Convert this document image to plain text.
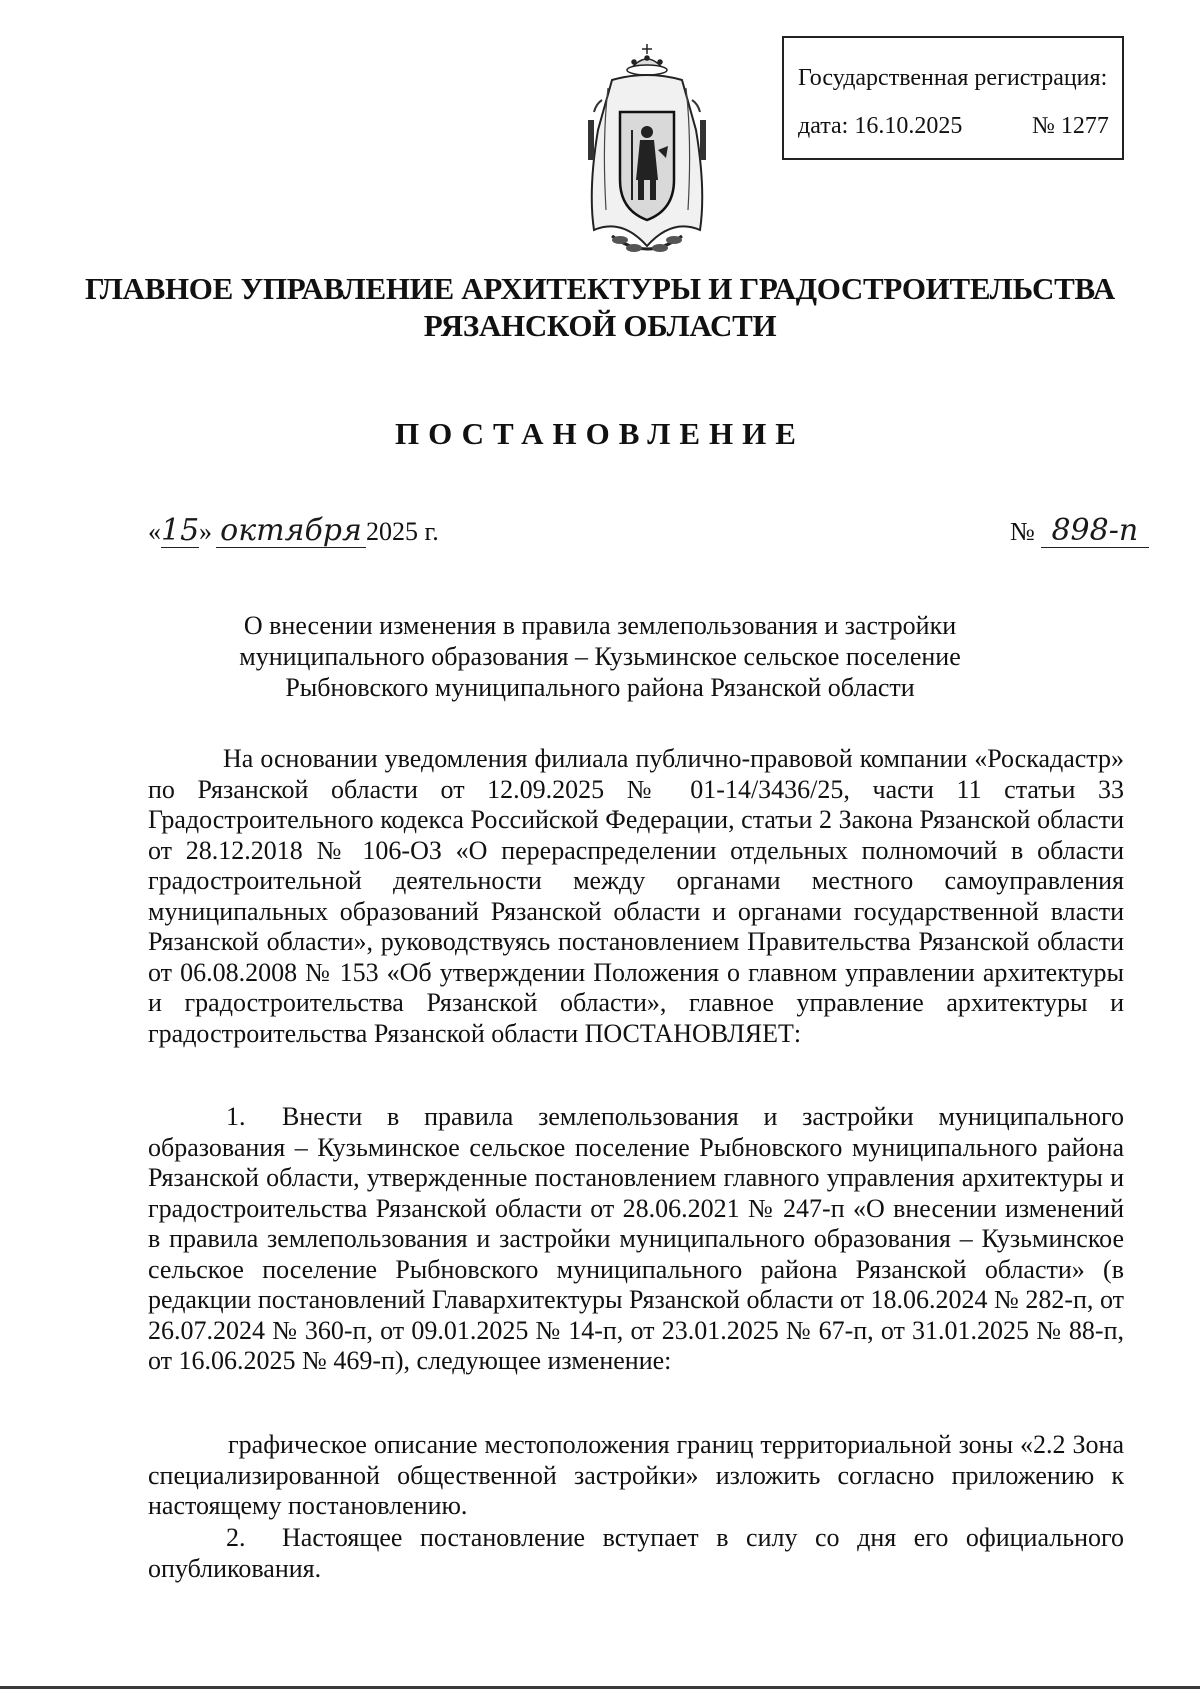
Государственная регистрация:
дата: 16.10.2025	№ 1277
ГЛАВНОЕ УПРАВЛЕНИЕ АРХИТЕКТУРЫ И ГРАДОСТРОИТЕЛЬСТВА
РЯЗАНСКОЙ ОБЛАСТИ
ПОСТАНОВЛЕНИЕ
«15» октября 2025 г.	№ 898-п
О внесении изменения в правила землепользования и застройки
муниципального образования – Кузьминское сельское поселение
Рыбновского муниципального района Рязанской области
На основании уведомления филиала публично-правовой компании «Роскадастр» по Рязанской области от 12.09.2025 № 01-14/3436/25, части 11 статьи 33 Градостроительного кодекса Российской Федерации, статьи 2 Закона Рязанской области от 28.12.2018 № 106-ОЗ «О перераспределении отдельных полномочий в области градостроительной деятельности между органами местного самоуправления муниципальных образований Рязанской области и органами государственной власти Рязанской области», руководствуясь постановлением Правительства Рязанской области от 06.08.2008 № 153 «Об утверждении Положения о главном управлении архитектуры и градостроительства Рязанской области», главное управление архитектуры и градостроительства Рязанской области ПОСТАНОВЛЯЕТ:
1. Внести в правила землепользования и застройки муниципального образования – Кузьминское сельское поселение Рыбновского муниципального района Рязанской области, утвержденные постановлением главного управления архитектуры и градостроительства Рязанской области от 28.06.2021 № 247-п «О внесении изменений в правила землепользования и застройки муниципального образования – Кузьминское сельское поселение Рыбновского муниципального района Рязанской области» (в редакции постановлений Главархитектуры Рязанской области от 18.06.2024 № 282-п, от 26.07.2024 № 360-п, от 09.01.2025 № 14-п, от 23.01.2025 № 67-п, от 31.01.2025 № 88-п, от 16.06.2025 № 469-п), следующее изменение:
графическое описание местоположения границ территориальной зоны «2.2 Зона специализированной общественной застройки» изложить согласно приложению к настоящему постановлению.
2. Настоящее постановление вступает в силу со дня его официального опубликования.
